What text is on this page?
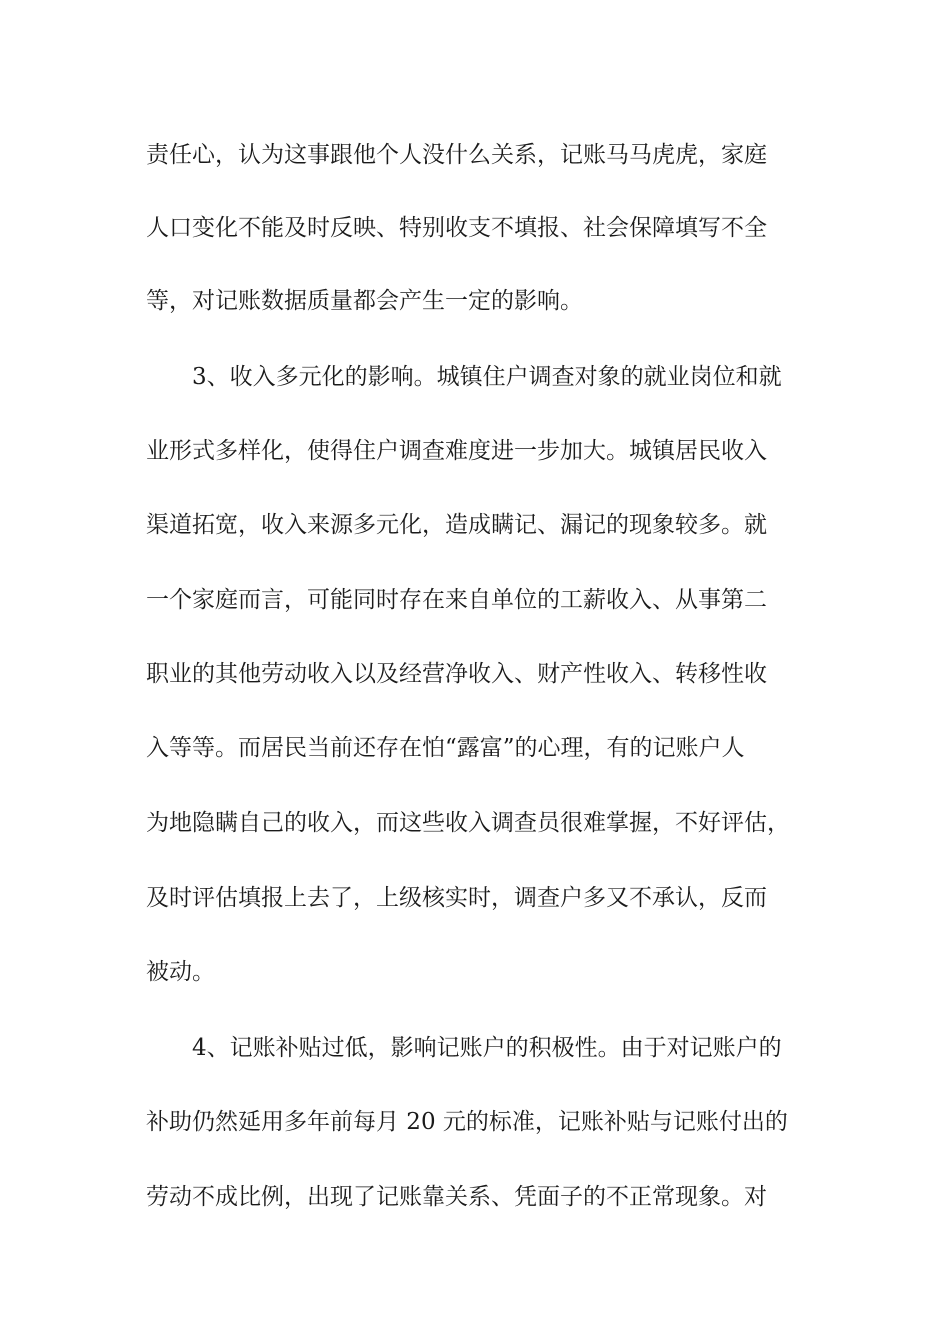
责任心，认为这事跟他个人没什么关系，记账马马虎虎，家庭
人口变化不能及时反映、特别收支不填报、社会保障填写不全
等，对记账数据质量都会产生一定的影响。
3、收入多元化的影响。城镇住户调查对象的就业岗位和就
业形式多样化，使得住户调查难度进一步加大。城镇居民收入
渠道拓宽，收入来源多元化，造成瞒记、漏记的现象较多。就
一个家庭而言，可能同时存在来自单位的工薪收入、从事第二
职业的其他劳动收入以及经营净收入、财产性收入、转移性收
入等等。而居民当前还存在怕“露富”的心理，有的记账户人
为地隐瞒自己的收入，而这些收入调查员很难掌握，不好评估，
及时评估填报上去了，上级核实时，调查户多又不承认，反而
被动。
4、记账补贴过低，影响记账户的积极性。由于对记账户的
补助仍然延用多年前每月 20 元的标准，记账补贴与记账付出的
劳动不成比例，出现了记账靠关系、凭面子的不正常现象。对
